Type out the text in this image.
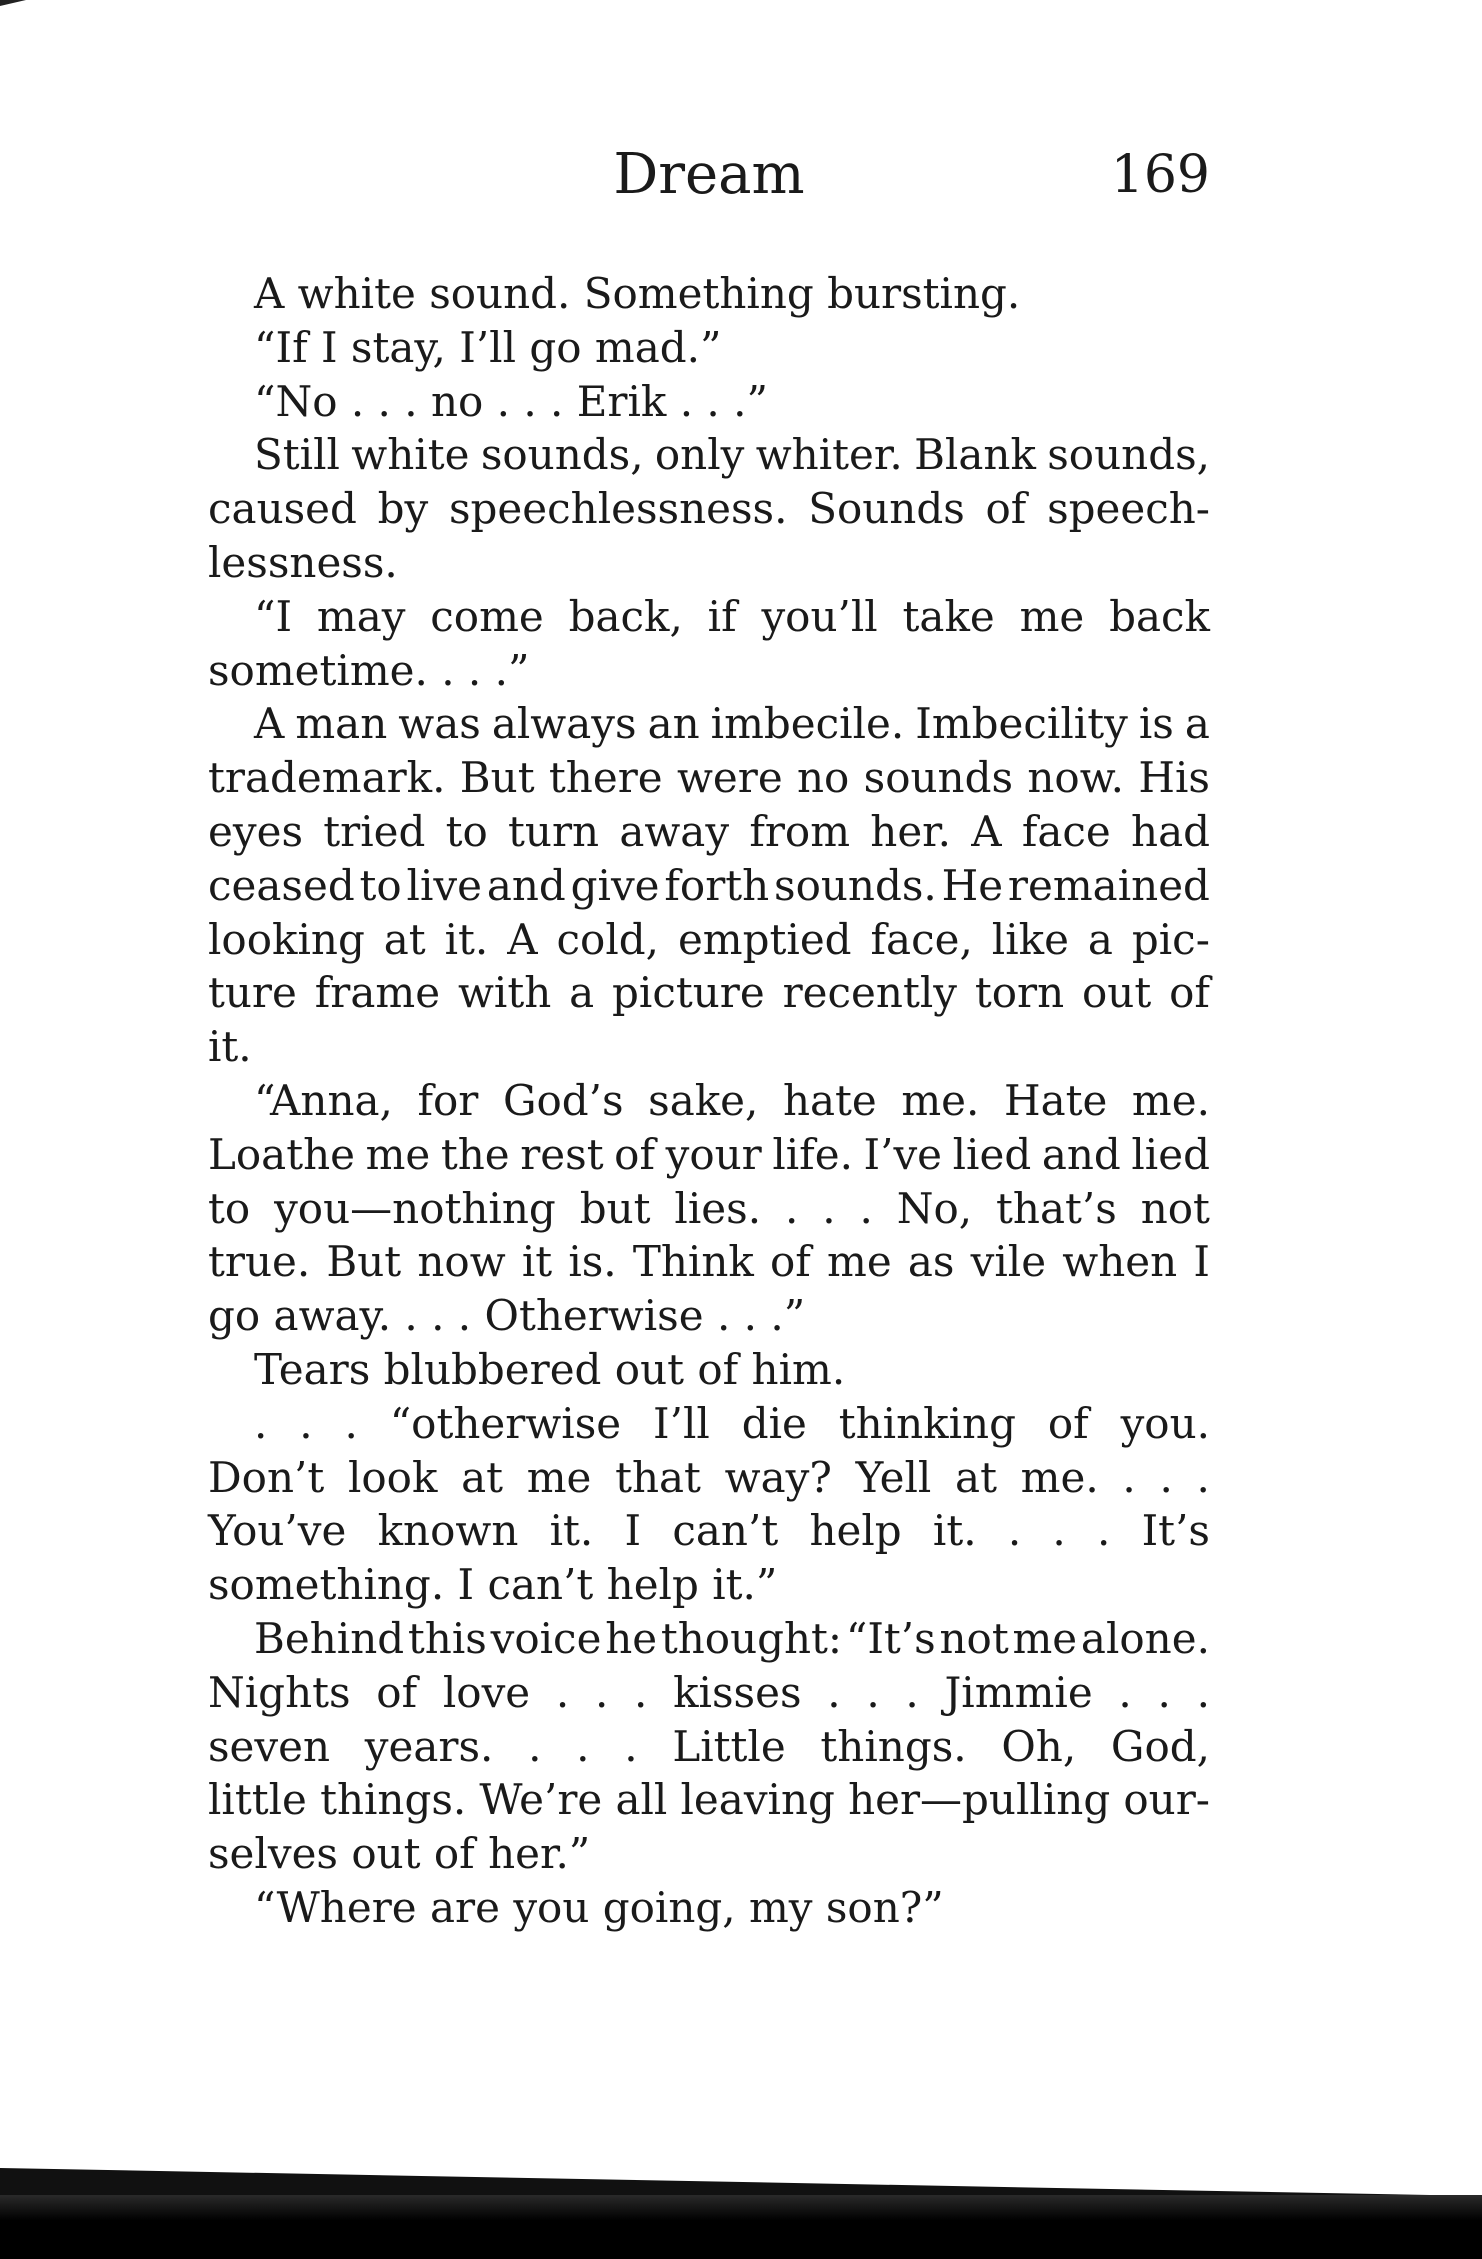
Dream	169
A white sound. Something bursting.
“If I stay, I’ll go mad.”
“No . . . no . . . Erik . . .”
Still white sounds, only whiter. Blank sounds,
caused by speechlessness. Sounds of speech-
lessness.
“I may come back, if you’ll take me back
sometime. . . .”
A man was always an imbecile. Imbecility is a
trademark. But there were no sounds now. His
eyes tried to turn away from her. A face had
ceased to live and give forth sounds. He remained
looking at it. A cold, emptied face, like a pic-
ture frame with a picture recently torn out of
it.
“Anna, for God’s sake, hate me. Hate me.
Loathe me the rest of your life. I’ve lied and lied
to you—nothing but lies. . . . No, that’s not
true. But now it is. Think of me as vile when I
go away. . . . Otherwise . . .”
Tears blubbered out of him.
. . . “otherwise I’ll die thinking of you.
Don’t look at me that way? Yell at me. . . .
You’ve known it. I can’t help it. . . . It’s
something. I can’t help it.”
Behind this voice he thought: “It’s not me alone.
Nights of love . . . kisses . . . Jimmie . . .
seven years. . . . Little things. Oh, God,
little things. We’re all leaving her—pulling our-
selves out of her.”
“Where are you going, my son?”
